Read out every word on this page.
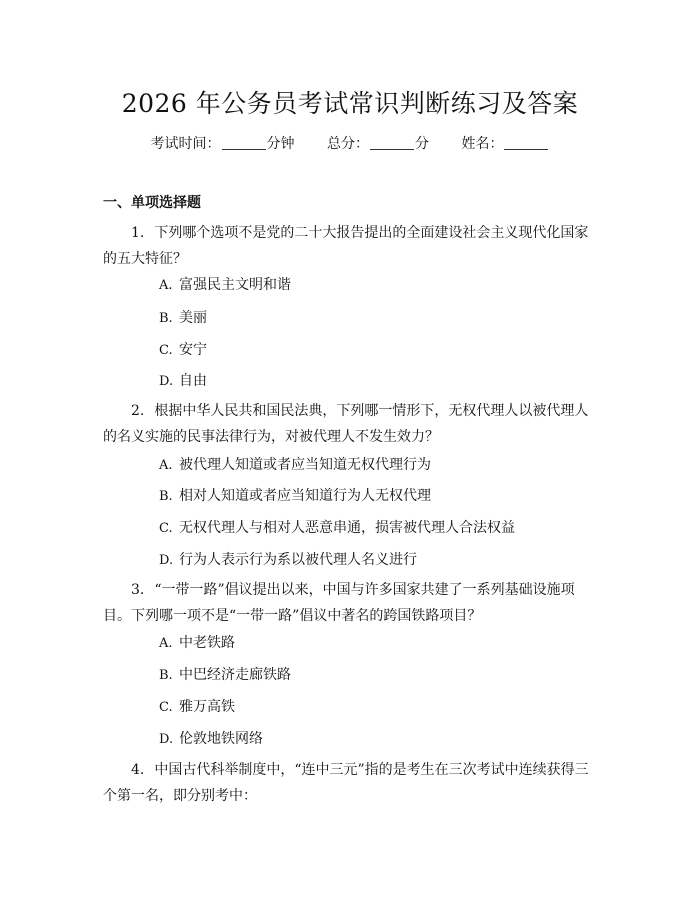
2026 年公务员考试常识判断练习及答案
考试时间：	分钟 总分：	分 姓名：
一、单项选择题

1. 下列哪个选项不是党的二十大报告提出的全面建设社会主义现代化国家的五大特征？

A. 富强民主文明和谐

B. 美丽

C. 安宁

D. 自由

2. 根据中华人民共和国民法典，下列哪一情形下，无权代理人以被代理人的名义实施的民事法律行为，对被代理人不发生效力？

A. 被代理人知道或者应当知道无权代理行为

B. 相对人知道或者应当知道行为人无权代理

C. 无权代理人与相对人恶意串通，损害被代理人合法权益

D. 行为人表示行为系以被代理人名义进行

3. “一带一路”倡议提出以来，中国与许多国家共建了一系列基础设施项目。下列哪一项不是“一带一路”倡议中著名的跨国铁路项目？

A. 中老铁路

B. 中巴经济走廊铁路

C. 雅万高铁

D. 伦敦地铁网络

4. 中国古代科举制度中，“连中三元”指的是考生在三次考试中连续获得三个第一名，即分别考中：
